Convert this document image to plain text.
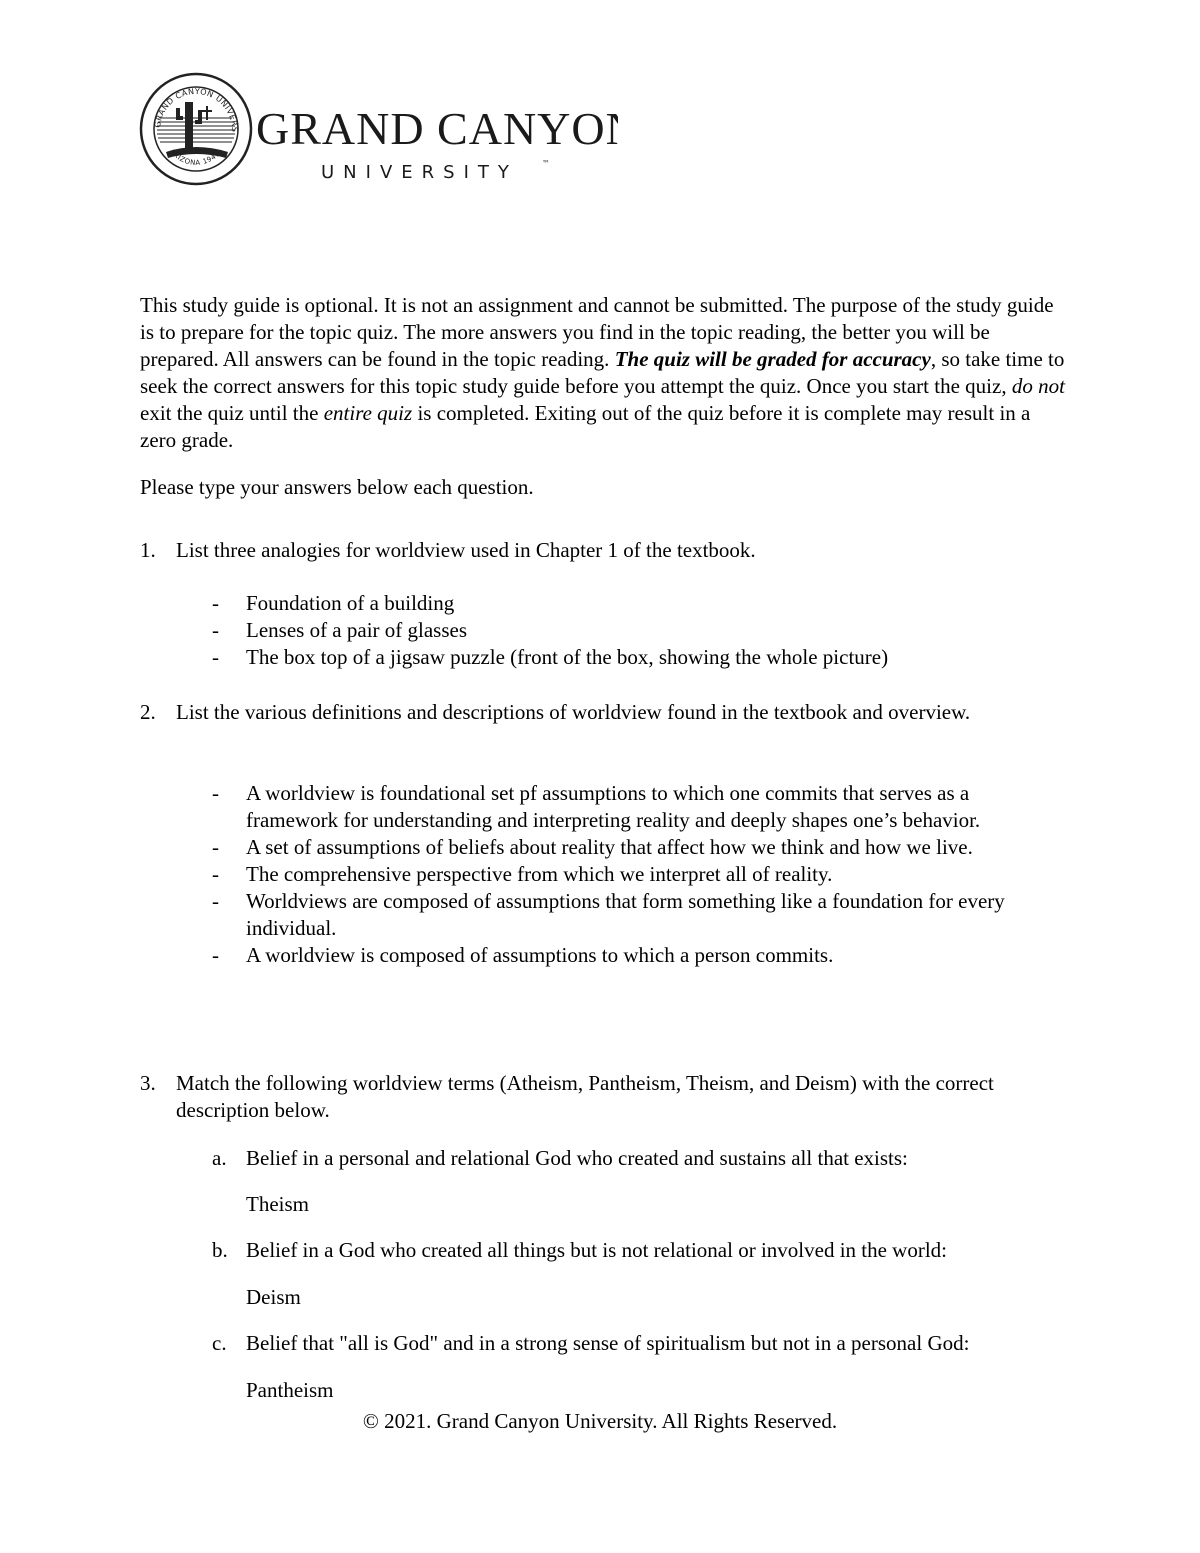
GRAND CANYON UNIVERS
ARIZONA 1949
GRAND CANYON
UNIVERSITY	™

This study guide is optional. It is not an assignment and cannot be submitted. The purpose of the study guide is to prepare for the topic quiz. The more answers you find in the topic reading, the better you will be prepared. All answers can be found in the topic reading. The quiz will be graded for accuracy, so take time to seek the correct answers for this topic study guide before you attempt the quiz. Once you start the quiz, do not exit the quiz until the entire quiz is completed. Exiting out of the quiz before it is complete may result in a zero grade.

Please type your answers below each question.
1. List three analogies for worldview used in Chapter 1 of the textbook.
- Foundation of a building
- Lenses of a pair of glasses
- The box top of a jigsaw puzzle (front of the box, showing the whole picture)
2. List the various definitions and descriptions of worldview found in the textbook and overview.
- A worldview is foundational set pf assumptions to which one commits that serves as a framework for understanding and interpreting reality and deeply shapes one’s behavior.
- A set of assumptions of beliefs about reality that affect how we think and how we live.
- The comprehensive perspective from which we interpret all of reality.
- Worldviews are composed of assumptions that form something like a foundation for every individual.
- A worldview is composed of assumptions to which a person commits.
3. Match the following worldview terms (Atheism, Pantheism, Theism, and Deism) with the correct description below.
a. Belief in a personal and relational God who created and sustains all that exists:
Theism
b. Belief in a God who created all things but is not relational or involved in the world:
Deism
c. Belief that "all is God" and in a strong sense of spiritualism but not in a personal God:
Pantheism
© 2021. Grand Canyon University. All Rights Reserved.
